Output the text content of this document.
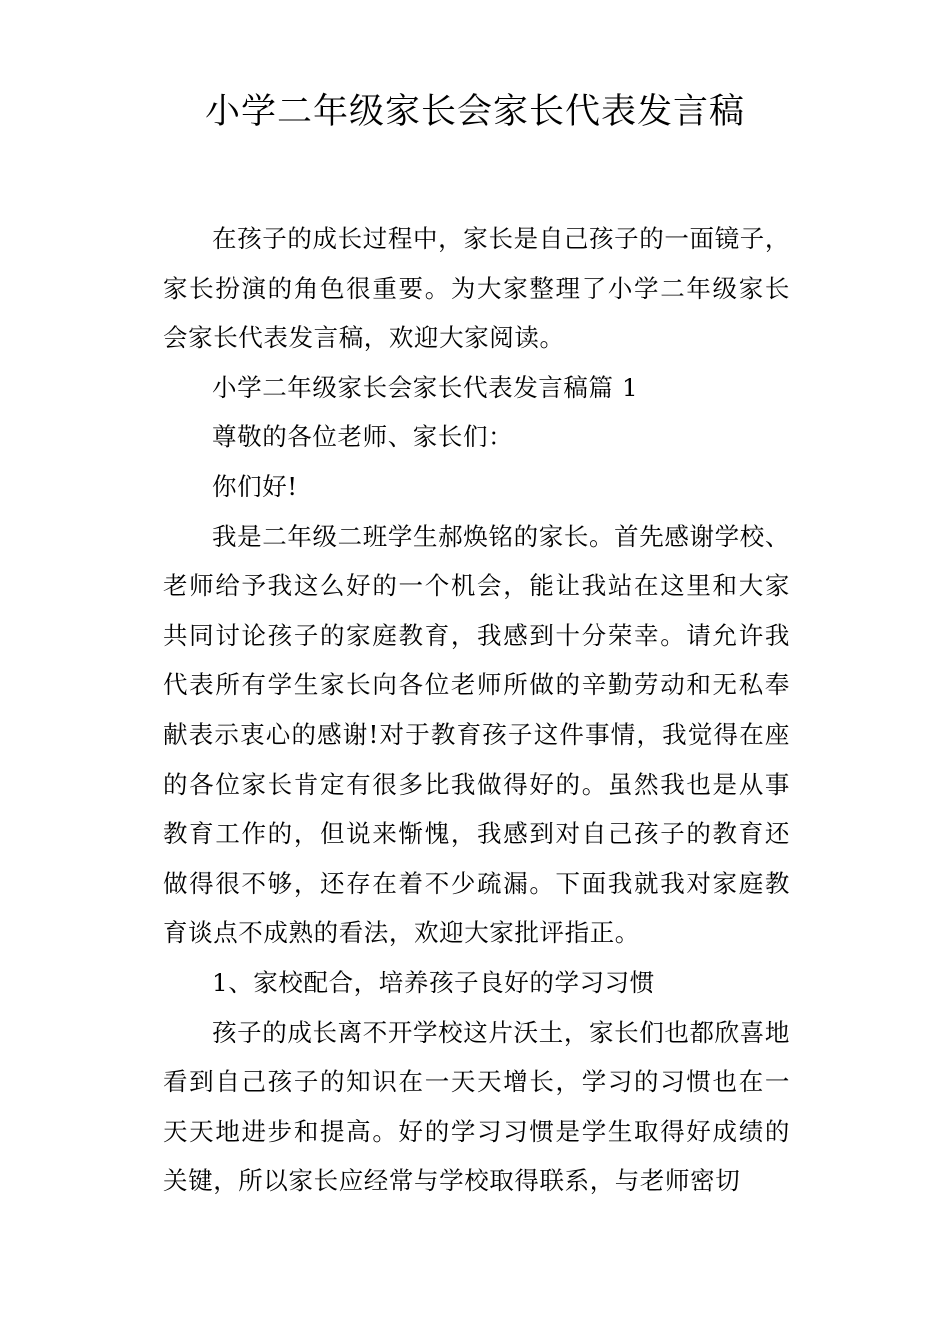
小学二年级家长会家长代表发言稿

在孩子的成长过程中，家长是自己孩子的一面镜子，家长扮演的角色很重要。为大家整理了小学二年级家长会家长代表发言稿，欢迎大家阅读。

小学二年级家长会家长代表发言稿篇 1

尊敬的各位老师、家长们：

你们好!

我是二年级二班学生郝焕铭的家长。首先感谢学校、老师给予我这么好的一个机会，能让我站在这里和大家共同讨论孩子的家庭教育，我感到十分荣幸。请允许我代表所有学生家长向各位老师所做的辛勤劳动和无私奉献表示衷心的感谢!对于教育孩子这件事情，我觉得在座的各位家长肯定有很多比我做得好的。虽然我也是从事教育工作的，但说来惭愧，我感到对自己孩子的教育还做得很不够，还存在着不少疏漏。下面我就我对家庭教育谈点不成熟的看法，欢迎大家批评指正。

1、家校配合，培养孩子良好的学习习惯

孩子的成长离不开学校这片沃土，家长们也都欣喜地看到自己孩子的知识在一天天增长，学习的习惯也在一天天地进步和提高。好的学习习惯是学生取得好成绩的关键，所以家长应经常与学校取得联系，与老师密切
